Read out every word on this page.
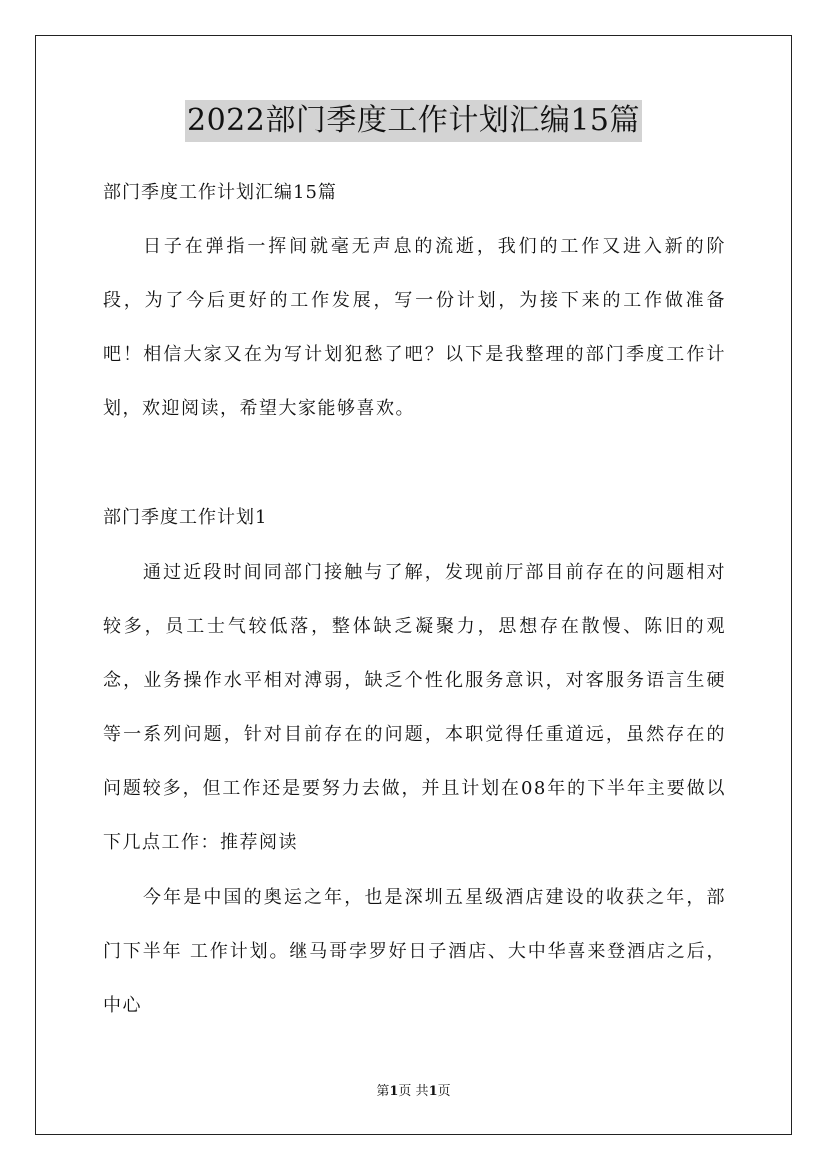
2022部门季度工作计划汇编15篇
部门季度工作计划汇编15篇

日子在弹指一挥间就毫无声息的流逝，我们的工作又进入新的阶段，为了今后更好的工作发展，写一份计划，为接下来的工作做准备吧！相信大家又在为写计划犯愁了吧？以下是我整理的部门季度工作计划，欢迎阅读，希望大家能够喜欢。

部门季度工作计划1

通过近段时间同部门接触与了解，发现前厅部目前存在的问题相对较多，员工士气较低落，整体缺乏凝聚力，思想存在散慢、陈旧的观念，业务操作水平相对溥弱，缺乏个性化服务意识，对客服务语言生硬等一系列问题，针对目前存在的问题，本职觉得任重道远，虽然存在的问题较多，但工作还是要努力去做，并且计划在08年的下半年主要做以下几点工作：推荐阅读

今年是中国的奥运之年，也是深圳五星级酒店建设的收获之年，部门下半年 工作计划。继马哥孛罗好日子酒店、大中华喜来登酒店之后，中心

第1页 共1页
